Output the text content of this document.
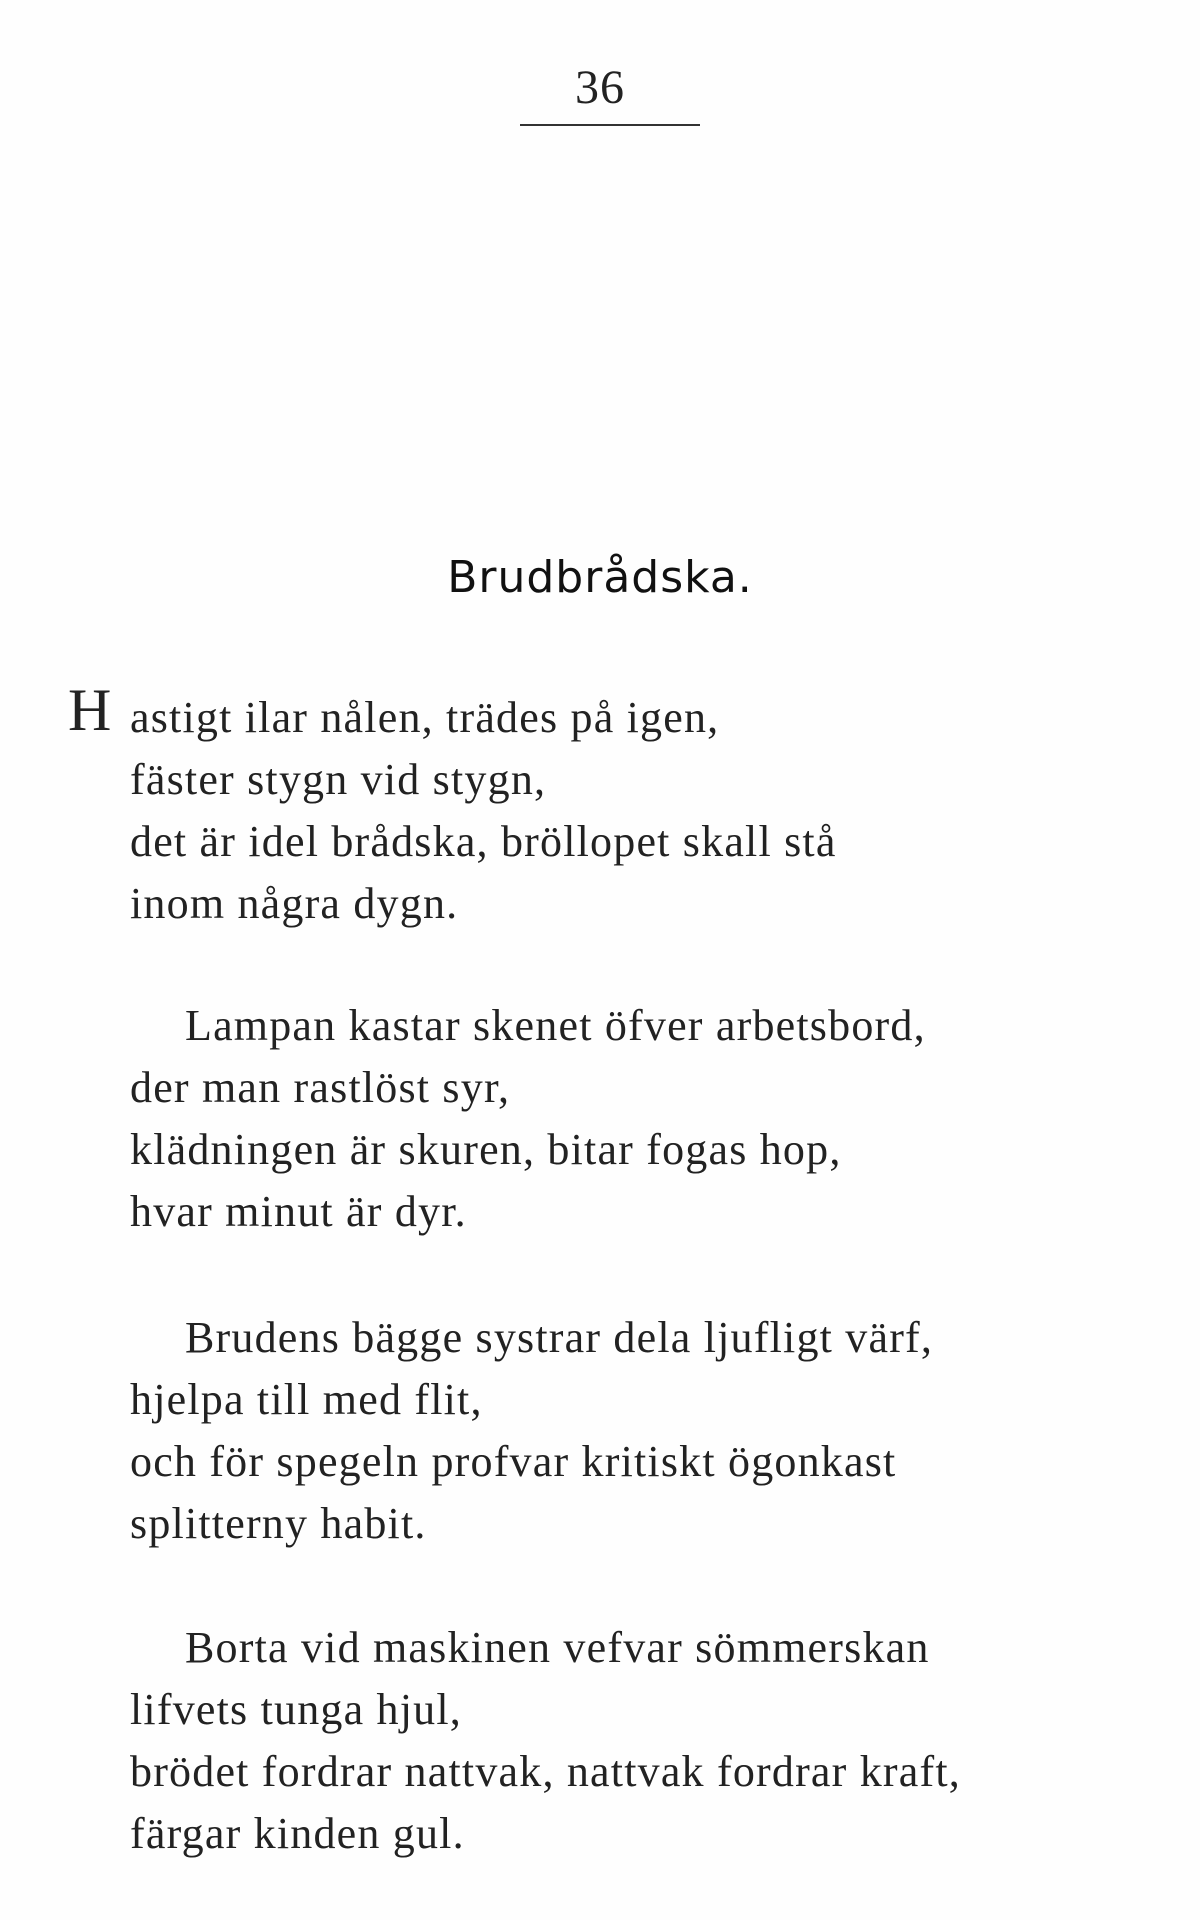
36
Brudbrådska.
H astigt ilar nålen, trädes på igen,
fäster stygn vid stygn,
det är idel brådska, bröllopet skall stå
inom några dygn.
Lampan kastar skenet öfver arbetsbord,
der man rastlöst syr,
klädningen är skuren, bitar fogas hop,
hvar minut är dyr.
Brudens bägge systrar dela ljufligt värf,
hjelpa till med flit,
och för spegeln profvar kritiskt ögonkast
splitterny habit.
Borta vid maskinen vefvar sömmerskan
lifvets tunga hjul,
brödet fordrar nattvak, nattvak fordrar kraft,
färgar kinden gul.
